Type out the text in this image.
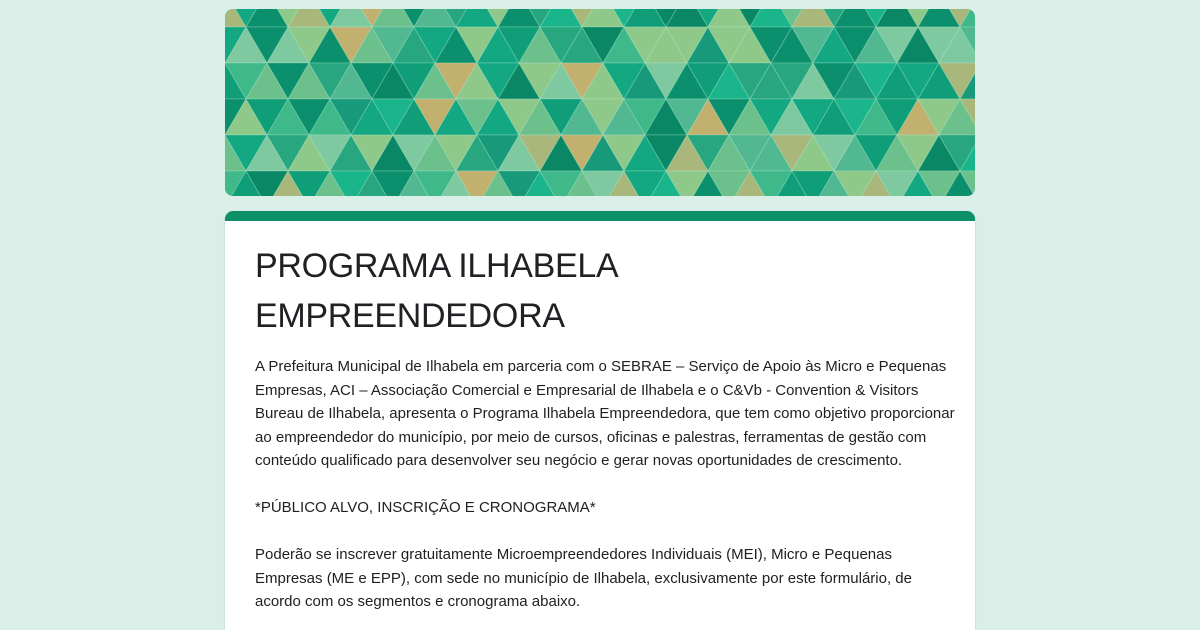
PROGRAMA ILHABELA EMPREENDEDORA

A Prefeitura Municipal de Ilhabela em parceria com o SEBRAE – Serviço de Apoio às Micro e Pequenas Empresas, ACI – Associação Comercial e Empresarial de Ilhabela e o C&Vb - Convention & Visitors Bureau de Ilhabela, apresenta o Programa Ilhabela Empreendedora, que tem como objetivo proporcionar ao empreendedor do município, por meio de cursos, oficinas e palestras, ferramentas de gestão com conteúdo qualificado para desenvolver seu negócio e gerar novas oportunidades de crescimento.

*PÚBLICO ALVO, INSCRIÇÃO E CRONOGRAMA*

Poderão se inscrever gratuitamente Microempreendedores Individuais (MEI), Micro e Pequenas Empresas (ME e EPP), com sede no município de Ilhabela, exclusivamente por este formulário, de acordo com os segmentos e cronograma abaixo.
